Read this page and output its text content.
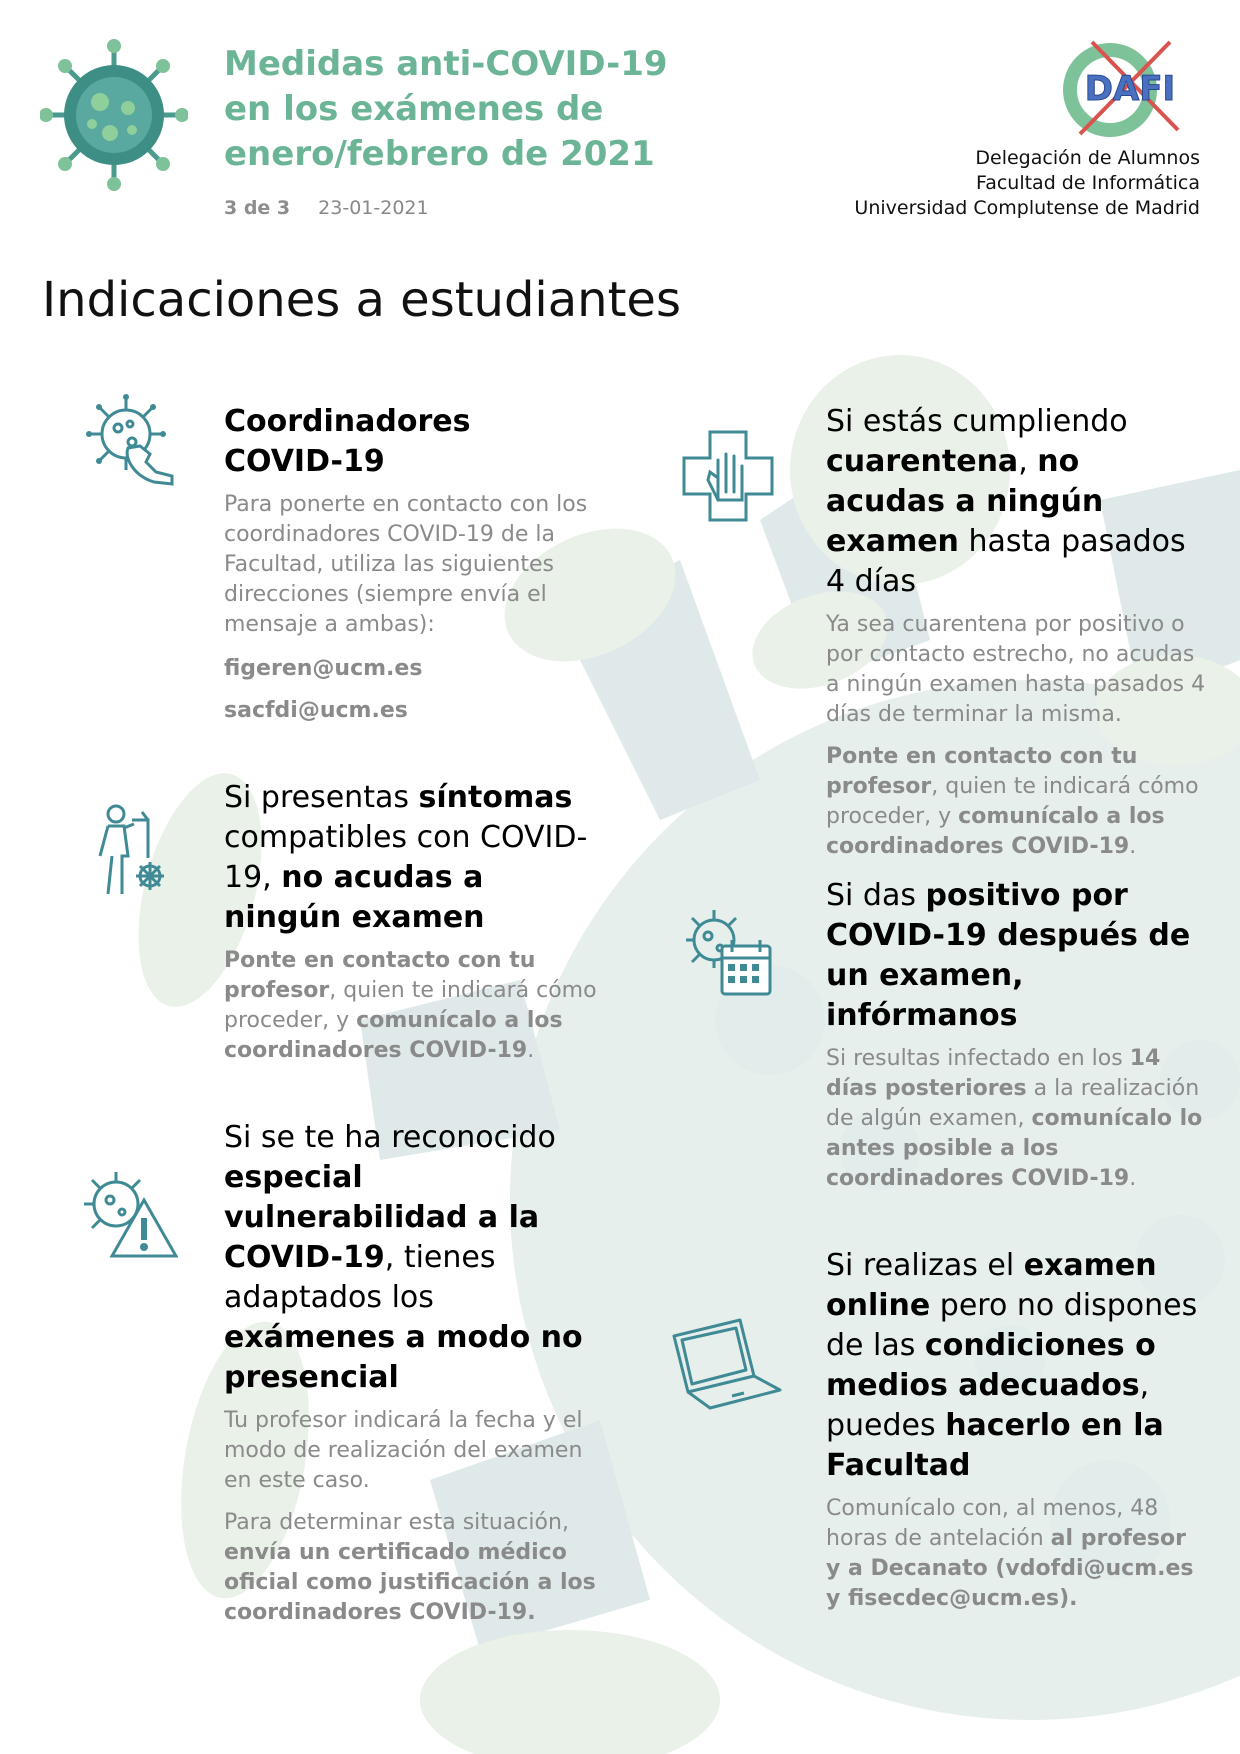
Medidas anti-COVID-19
en los exámenes de
enero/febrero de 2021
3 de 3 23-01-2021
DAFI
Delegación de Alumnos
Facultad de Informática
Universidad Complutense de Madrid
Indicaciones a estudiantes
Coordinadores
COVID-19
Para ponerte en contacto con los coordinadores COVID-19 de la Facultad, utiliza las siguientes direcciones (siempre envía el mensaje a ambas):
figeren@ucm.es
sacfdi@ucm.es
Si presentas síntomas compatibles con COVID-19, no acudas a ningún examen
Ponte en contacto con tu profesor, quien te indicará cómo proceder, y comunícalo a los coordinadores COVID-19.
Si se te ha reconocido especial vulnerabilidad a la COVID-19, tienes adaptados los exámenes a modo no presencial

Tu profesor indicará la fecha y el modo de realización del examen en este caso.

Para determinar esta situación, envía un certificado médico oficial como justificación a los coordinadores COVID-19.

Si estás cumpliendo cuarentena, no acudas a ningún examen hasta pasados 4 días

Ya sea cuarentena por positivo o por contacto estrecho, no acudas a ningún examen hasta pasados 4 días de terminar la misma.

Ponte en contacto con tu profesor, quien te indicará cómo proceder, y comunícalo a los coordinadores COVID-19.

Si das positivo por COVID-19 después de un examen, infórmanos
Si resultas infectado en los 14 días posteriores a la realización de algún examen, comunícalo lo antes posible a los coordinadores COVID-19.
Si realizas el examen online pero no dispones de las condiciones o medios adecuados, puedes hacerlo en la Facultad
Comunícalo con, al menos, 48 horas de antelación al profesor y a Decanato (vdofdi@ucm.es y fisecdec@ucm.es).
